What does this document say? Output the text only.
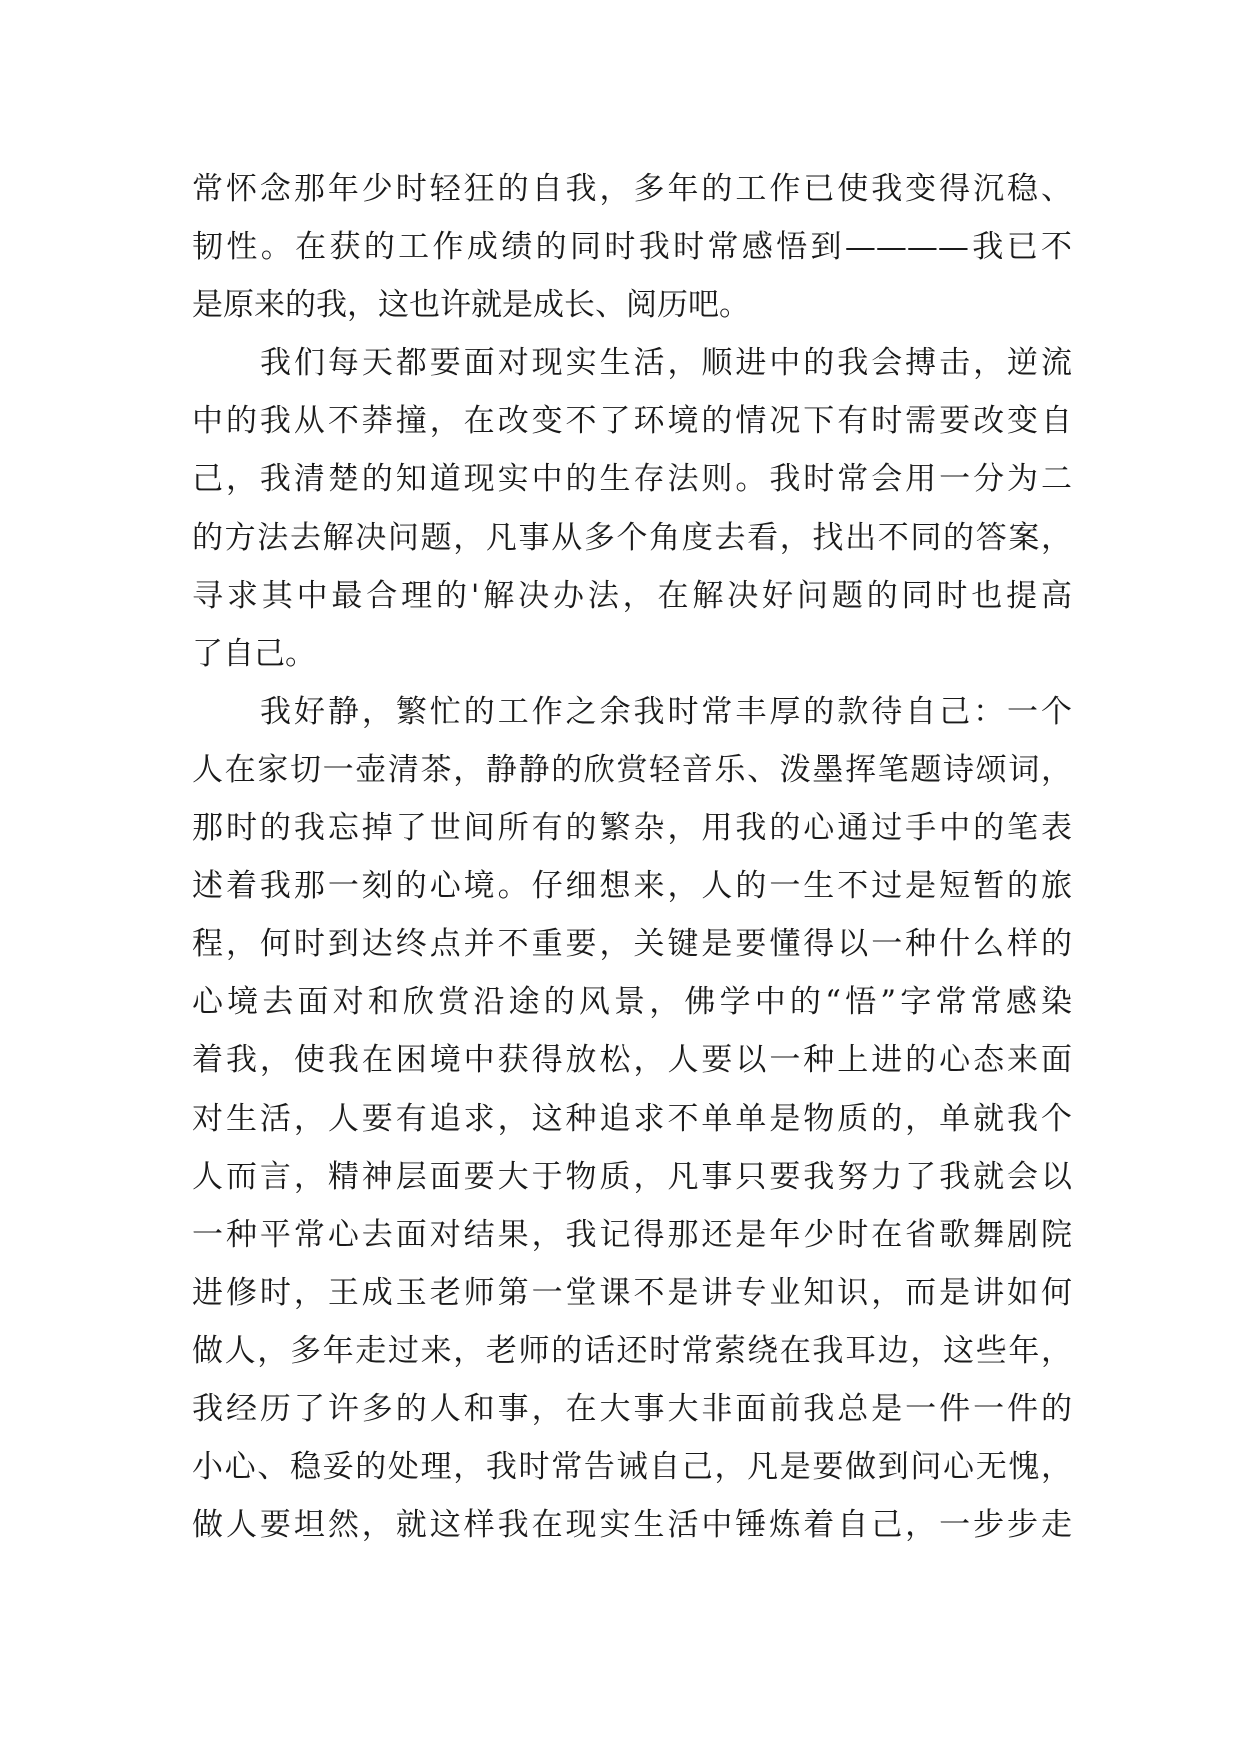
常怀念那年少时轻狂的自我，多年的工作已使我变得沉稳、
韧性。在获的工作成绩的同时我时常感悟到————我已不
是原来的我，这也许就是成长、阅历吧。
我们每天都要面对现实生活，顺进中的我会搏击，逆流
中的我从不莽撞，在改变不了环境的情况下有时需要改变自
己，我清楚的知道现实中的生存法则。我时常会用一分为二
的方法去解决问题，凡事从多个角度去看，找出不同的答案，
寻求其中最合理的'解决办法，在解决好问题的同时也提高
了自己。
我好静，繁忙的工作之余我时常丰厚的款待自己：一个
人在家切一壶清茶，静静的欣赏轻音乐、泼墨挥笔题诗颂词，
那时的我忘掉了世间所有的繁杂，用我的心通过手中的笔表
述着我那一刻的心境。仔细想来，人的一生不过是短暂的旅
程，何时到达终点并不重要，关键是要懂得以一种什么样的
心境去面对和欣赏沿途的风景，佛学中的“悟”字常常感染
着我，使我在困境中获得放松，人要以一种上进的心态来面
对生活，人要有追求，这种追求不单单是物质的，单就我个
人而言，精神层面要大于物质，凡事只要我努力了我就会以
一种平常心去面对结果，我记得那还是年少时在省歌舞剧院
进修时，王成玉老师第一堂课不是讲专业知识，而是讲如何
做人，多年走过来，老师的话还时常萦绕在我耳边，这些年，
我经历了许多的人和事，在大事大非面前我总是一件一件的
小心、稳妥的处理，我时常告诫自己，凡是要做到问心无愧，
做人要坦然，就这样我在现实生活中锤炼着自己，一步步走
